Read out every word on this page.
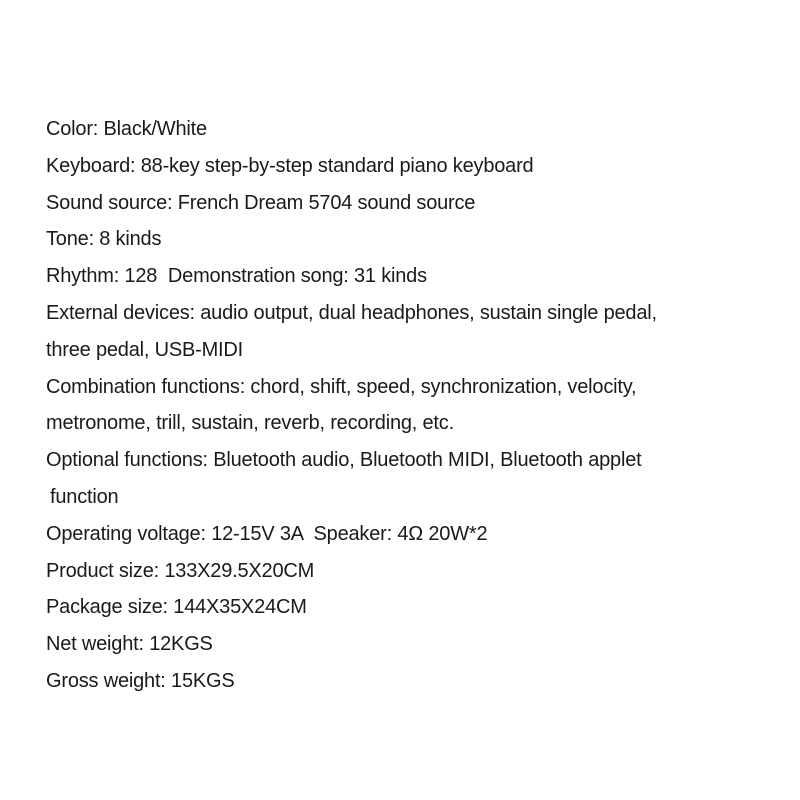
Color: Black/White
Keyboard: 88-key step-by-step standard piano keyboard
Sound source: French Dream 5704 sound source
Tone: 8 kinds
Rhythm: 128  Demonstration song: 31 kinds
External devices: audio output, dual headphones, sustain single pedal,
three pedal, USB-MIDI
Combination functions: chord, shift, speed, synchronization, velocity,
metronome, trill, sustain, reverb, recording, etc.
Optional functions: Bluetooth audio, Bluetooth MIDI, Bluetooth applet
function
Operating voltage: 12-15V 3A  Speaker: 4Ω 20W*2
Product size: 133X29.5X20CM
Package size: 144X35X24CM
Net weight: 12KGS
Gross weight: 15KGS
